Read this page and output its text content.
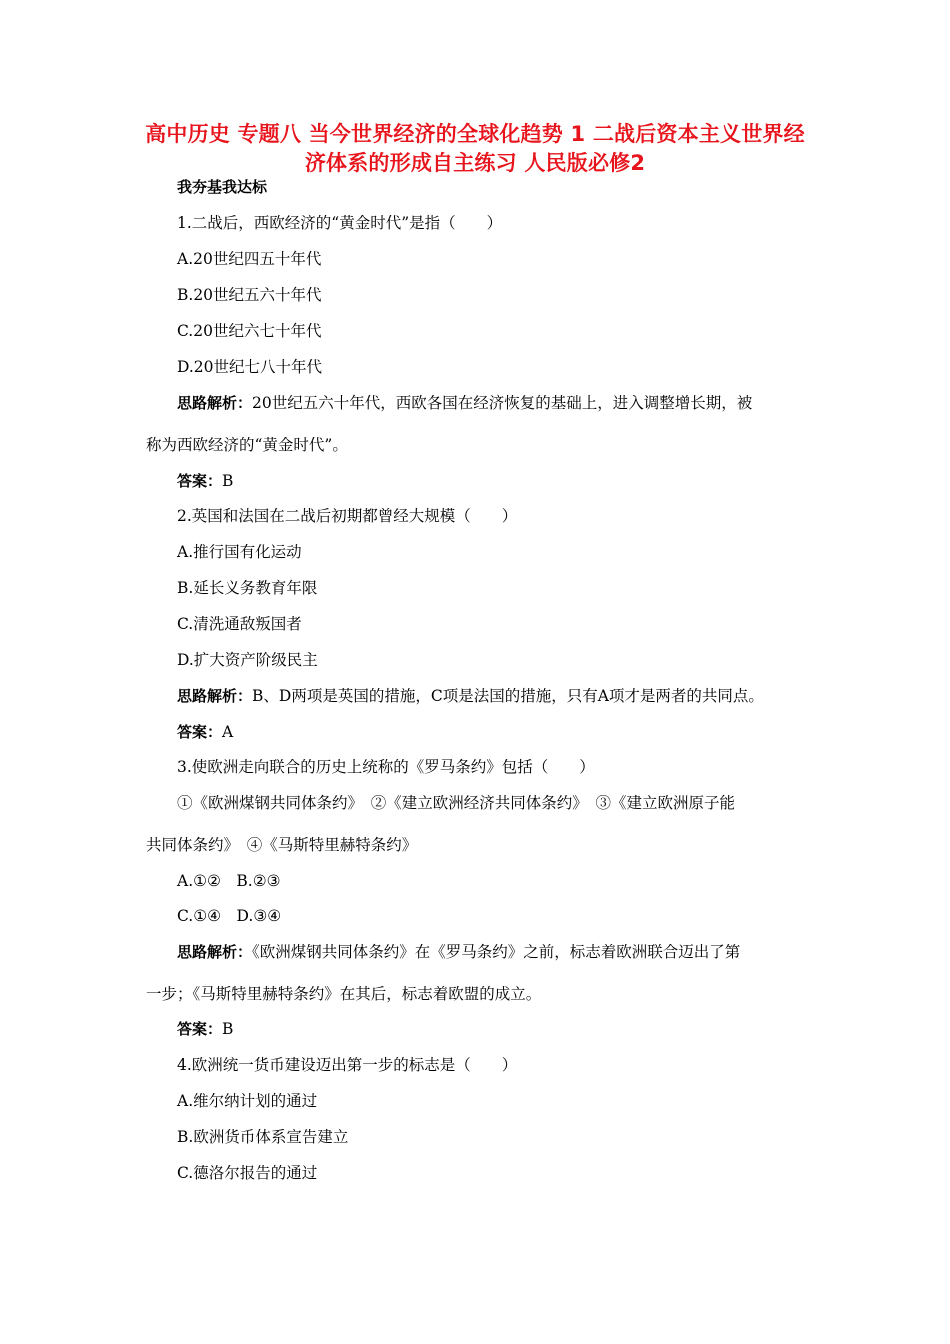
高中历史 专题八 当今世界经济的全球化趋势 1 二战后资本主义世界经济体系的形成自主练习 人民版必修2
我夯基我达标
1.二战后，西欧经济的“黄金时代”是指（　　）
A.20世纪四五十年代
B.20世纪五六十年代
C.20世纪六七十年代
D.20世纪七八十年代
思路解析：20世纪五六十年代，西欧各国在经济恢复的基础上，进入调整增长期，被
称为西欧经济的“黄金时代”。
答案：B
2.英国和法国在二战后初期都曾经大规模（　　）
A.推行国有化运动
B.延长义务教育年限
C.清洗通敌叛国者
D.扩大资产阶级民主
思路解析：B、D两项是英国的措施，C项是法国的措施，只有A项才是两者的共同点。
答案：A
3.使欧洲走向联合的历史上统称的《罗马条约》包括（　　）
①《欧洲煤钢共同体条约》　②《建立欧洲经济共同体条约》　③《建立欧洲原子能
共同体条约》　④《马斯特里赫特条约》
A.①②　B.②③
C.①④　D.③④
思路解析：《欧洲煤钢共同体条约》在《罗马条约》之前，标志着欧洲联合迈出了第
一步；《马斯特里赫特条约》在其后，标志着欧盟的成立。
答案：B
4.欧洲统一货币建设迈出第一步的标志是（　　）
A.维尔纳计划的通过
B.欧洲货币体系宣告建立
C.德洛尔报告的通过
